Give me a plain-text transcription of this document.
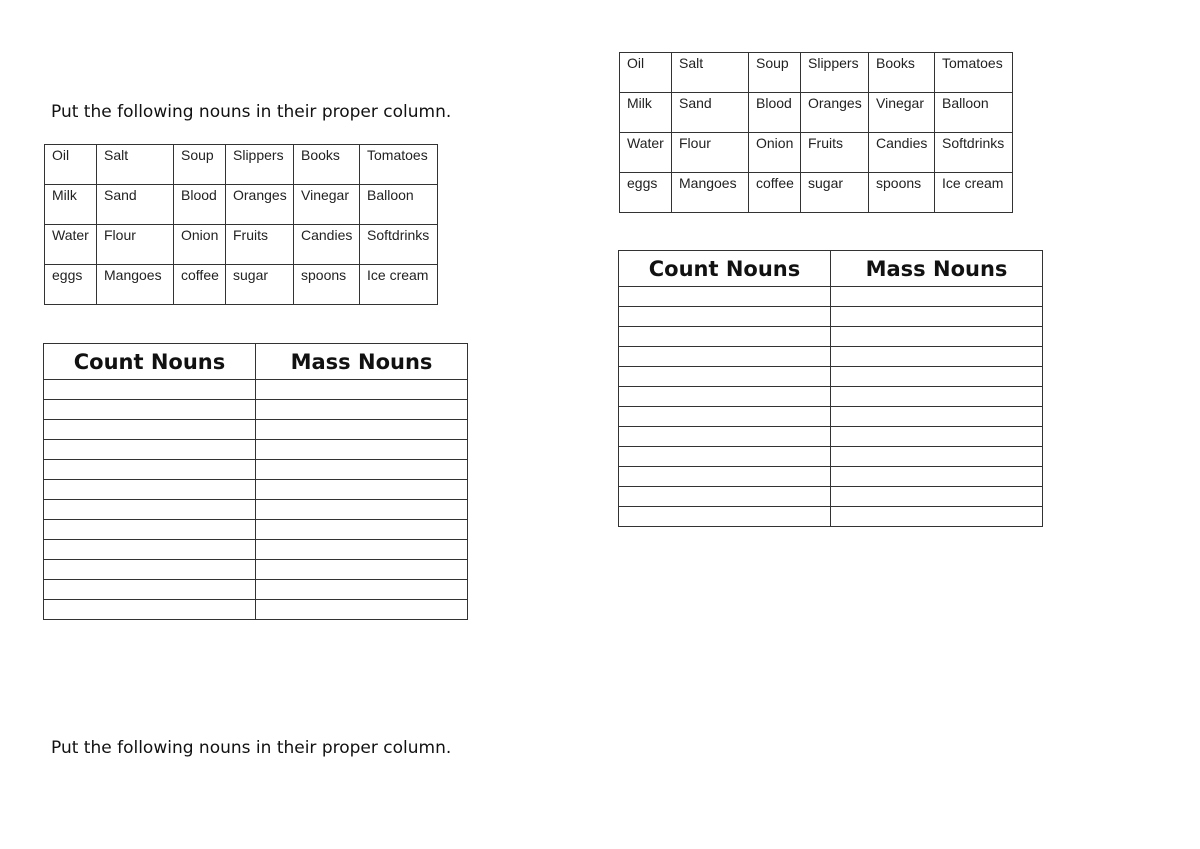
Put the following nouns in their proper column.

Oil	Salt	Soup	Slippers	Books	Tomatoes
Milk	Sand	Blood	Oranges	Vinegar	Balloon
Water	Flour	Onion	Fruits	Candies	Softdrinks
eggs	Mangoes	coffee	sugar	spoons	Ice cream
Count Nouns	Mass Nouns

Put the following nouns in their proper column.

Oil	Salt	Soup	Slippers	Books	Tomatoes
Milk	Sand	Blood	Oranges	Vinegar	Balloon
Water	Flour	Onion	Fruits	Candies	Softdrinks
eggs	Mangoes	coffee	sugar	spoons	Ice cream
Count Nouns	Mass Nouns
